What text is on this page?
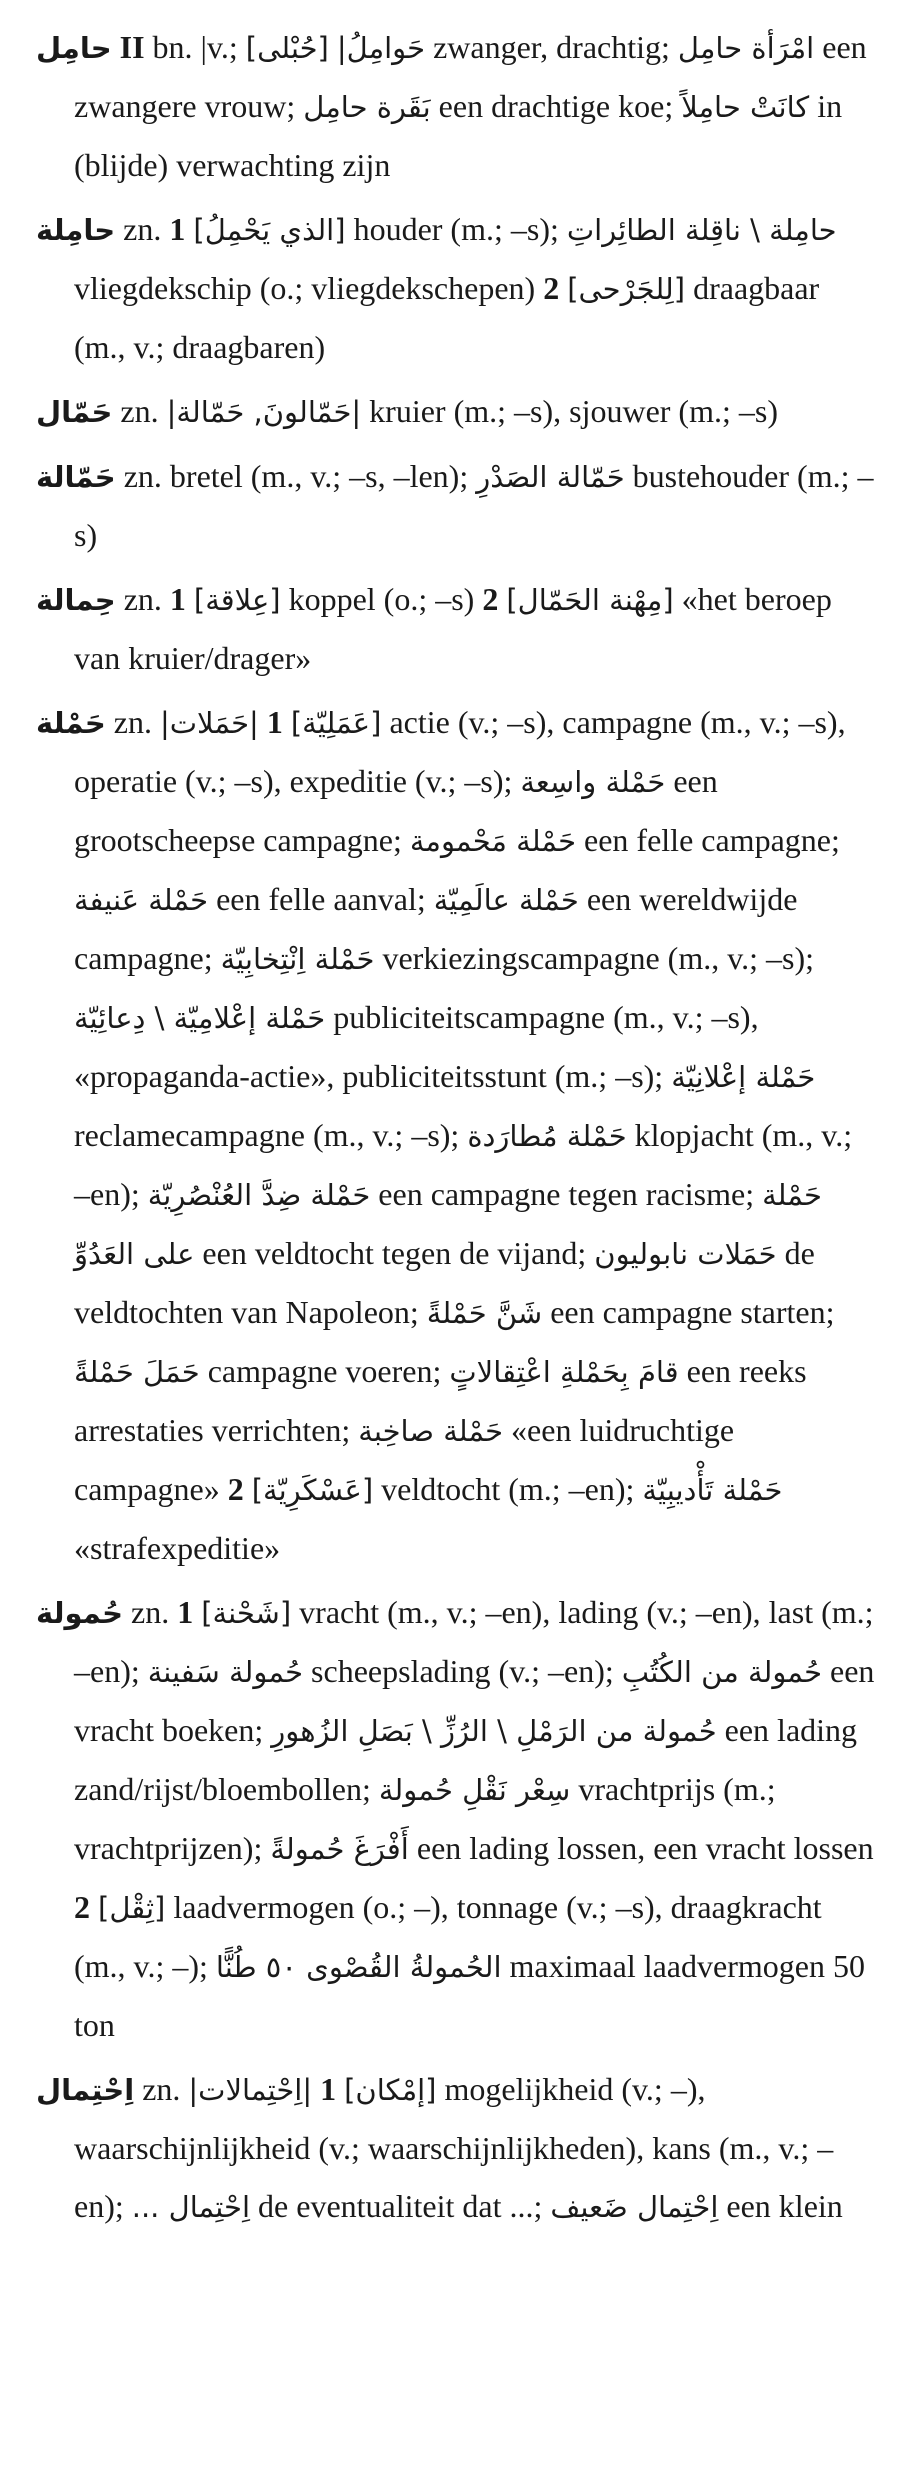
حامِل II bn. |v.; [حُبْلى] حَوامِلُ| zwanger, drachtig; امْرَأة حامِل een zwangere vrouw; بَقَرة حامِل een drachtige koe; كانَتْ حامِلاً in (blijde) verwachting zijn

حامِلة zn. 1 [الذي يَحْمِلُ] houder (m.; –s); حامِلة \ ناقِلة الطائِراتِ vliegdekschip (o.; vliegdekschepen) 2 [لِلجَرْحى] draagbaar (m., v.; draagbaren)

حَمّال zn. |حَمّالونَ, حَمّالة| kruier (m.; –s), sjouwer (m.; –s)

حَمّالة zn. bretel (m., v.; –s, –len); حَمّالة الصَدْرِ bustehouder (m.; –s)

حِمالة zn. 1 [عِلاقة] koppel (o.; –s) 2 [مِهْنة الحَمّال] «het beroep van kruier/drager»

حَمْلة zn. |حَمَلات| 1 [عَمَلِيّة] actie (v.; –s), campagne (m., v.; –s), operatie (v.; –s), expeditie (v.; –s); حَمْلة واسِعة een grootscheepse campagne; حَمْلة مَحْمومة een felle campagne; حَمْلة عَنيفة een felle aanval; حَمْلة عالَمِيّة een wereldwijde campagne; حَمْلة اِنْتِخابِيّة verkiezingscampagne (m., v.; –s); حَمْلة إعْلامِيّة \ دِعائِيّة publiciteitscampagne (m., v.; –s), «propaganda-actie», publiciteitsstunt (m.; –s); حَمْلة إعْلانِيّة reclamecampagne (m., v.; –s); حَمْلة مُطارَدة klopjacht (m., v.; –en); حَمْلة ضِدَّ العُنْصُرِيّة een campagne tegen racisme; حَمْلة على العَدُوِّ een veldtocht tegen de vijand; حَمَلات نابوليون de veldtochten van Napoleon; شَنَّ حَمْلةً een campagne starten; حَمَلَ حَمْلةً campagne voeren; قامَ بِحَمْلةِ اعْتِقالاتٍ een reeks arrestaties verrichten; حَمْلة صاخِبة «een luidruchtige campagne» 2 [عَسْكَرِيّة] veldtocht (m.; –en); حَمْلة تَأْديبِيّة «strafexpeditie»

حُمولة zn. 1 [شَحْنة] vracht (m., v.; –en), lading (v.; –en), last (m.; –en); حُمولة سَفينة scheepslading (v.; –en); حُمولة من الكُتُبِ een vracht boeken; حُمولة من الرَمْلِ \ الرُزِّ \ بَصَلِ الزُهورِ een lading zand/rijst/bloembollen; سِعْر نَقْلِ حُمولة vrachtprijs (m.; vrachtprijzen); أَفْرَغَ حُمولةً een lading lossen, een vracht lossen 2 [ثِقْل] laadvermogen (o.; –), tonnage (v.; –s), draagkracht (m., v.; –); الحُمولةُ القُصْوى ٥٠ طُنًّا maximaal laadvermogen 50 ton

اِحْتِمال zn. |اِحْتِمالات| 1 [إمْكان] mogelijkheid (v.; –), waarschijnlijkheid (v.; waarschijnlijkheden), kans (m., v.; –en); اِحْتِمال ... de eventualiteit dat ...; اِحْتِمال ضَعيف een klein
